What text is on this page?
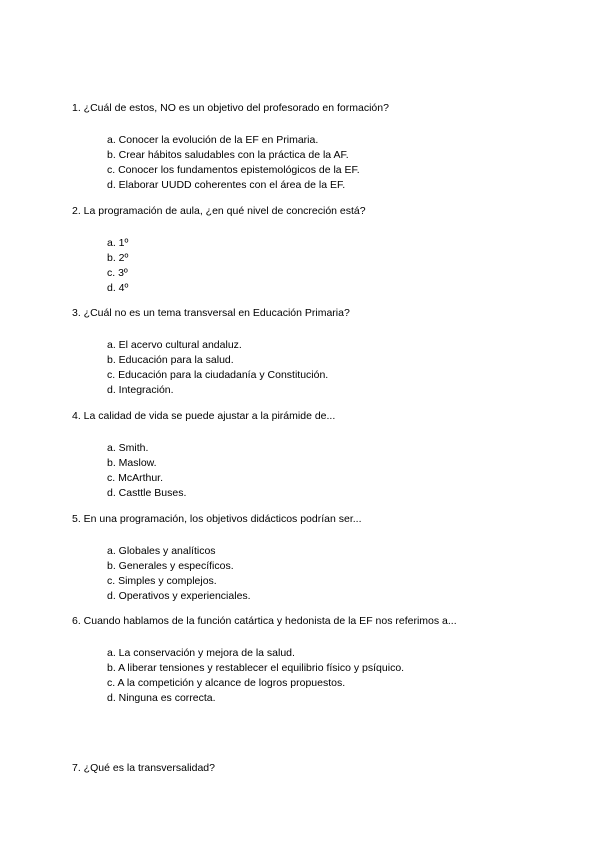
1. ¿Cuál de estos, NO es un objetivo del profesorado en formación?

a. Conocer la evolución de la EF en Primaria.
b. Crear hábitos saludables con la práctica de la AF.
c. Conocer los fundamentos epistemológicos de la EF.
d. Elaborar UUDD coherentes con el área de la EF.

2. La programación de aula, ¿en qué nivel de concreción está?

a. 1º
b. 2º
c. 3º
d. 4º

3. ¿Cuál no es un tema transversal en Educación Primaria?

a. El acervo cultural andaluz.
b. Educación para la salud.
c. Educación para la ciudadanía y Constitución.
d. Integración.

4. La calidad de vida se puede ajustar a la pirámide de...

a. Smith.
b. Maslow.
c. McArthur.
d. Casttle Buses.

5. En una programación, los objetivos didácticos podrían ser...

a. Globales y analíticos
b. Generales y específicos.
c. Simples y complejos.
d. Operativos y experienciales.

6. Cuando hablamos de la función catártica y hedonista de la EF nos referimos a...

a. La conservación y mejora de la salud.
b. A liberar tensiones y restablecer el equilibrio físico y psíquico.
c. A la competición y alcance de logros propuestos.
d. Ninguna es correcta.

7. ¿Qué es la transversalidad?
